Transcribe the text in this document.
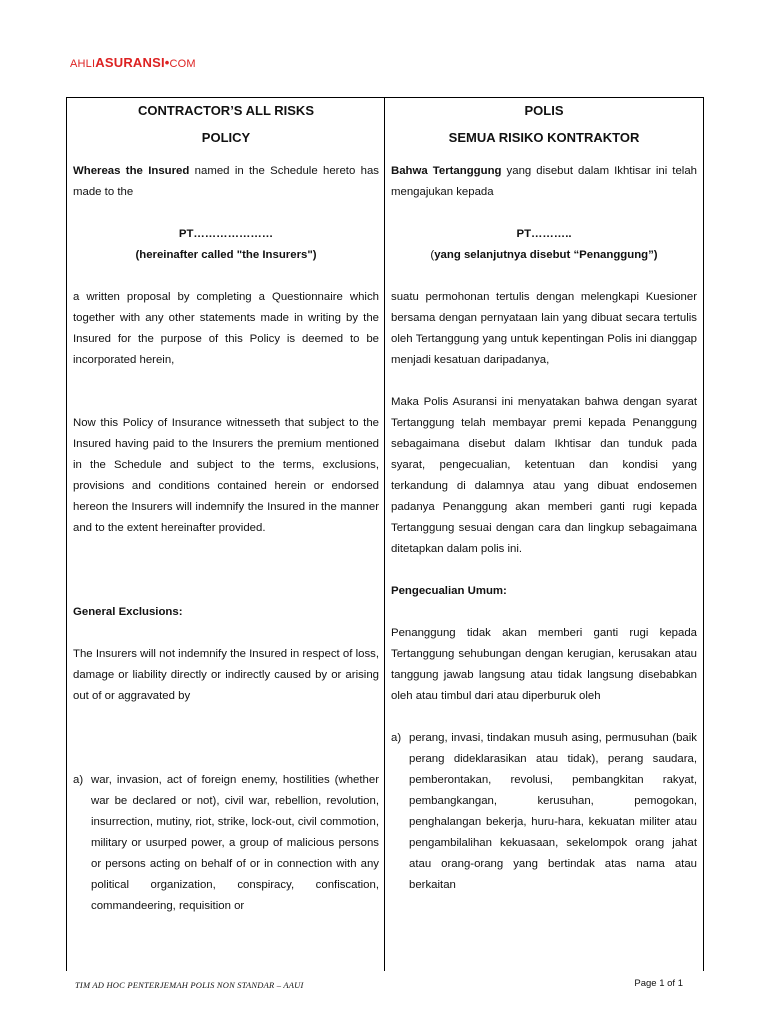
AHLIASURANSI•COM

CONTRACTOR’S ALL RISKS

POLICY

Whereas the Insured named in the Schedule hereto has made to the

PT…………………

(hereinafter called "the Insurers")

a written proposal by completing a Questionnaire which together with any other statements made in writing by the Insured for the purpose of this Policy is deemed to be incorporated herein,

Now this Policy of Insurance witnesseth that subject to the Insured having paid to the Insurers the premium mentioned in the Schedule and subject to the terms, exclusions, provisions and conditions contained herein or endorsed hereon the Insurers will indemnify the Insured in the manner and to the extent hereinafter provided.

General Exclusions:

The Insurers will not indemnify the Insured in respect of loss, damage or liability directly or indirectly caused by or arising out of or aggravated by

a) war, invasion, act of foreign enemy, hostilities (whether war be declared or not), civil war, rebellion, revolution, insurrection, mutiny, riot, strike, lock-out, civil commotion, military or usurped power, a group of malicious persons or persons acting on behalf of or in connection with any political organization, conspiracy, confiscation, commandeering, requisition or

POLIS

SEMUA RISIKO KONTRAKTOR

Bahwa Tertanggung yang disebut dalam Ikhtisar ini telah mengajukan kepada

PT………..

(yang selanjutnya disebut “Penanggung”)

suatu permohonan tertulis dengan melengkapi Kuesioner bersama dengan pernyataan lain yang dibuat secara tertulis oleh Tertanggung yang untuk kepentingan Polis ini dianggap menjadi kesatuan daripadanya,

Maka Polis Asuransi ini menyatakan bahwa dengan syarat Tertanggung telah membayar premi kepada Penanggung sebagaimana disebut dalam Ikhtisar dan tunduk pada syarat, pengecualian, ketentuan dan kondisi yang terkandung di dalamnya atau yang dibuat endosemen padanya Penanggung akan memberi ganti rugi kepada Tertanggung sesuai dengan cara dan lingkup sebagaimana ditetapkan dalam polis ini.

Pengecualian Umum:

Penanggung tidak akan memberi ganti rugi kepada Tertanggung sehubungan dengan kerugian, kerusakan atau tanggung jawab langsung atau tidak langsung disebabkan oleh atau timbul dari atau diperburuk oleh

a) perang, invasi, tindakan musuh asing, permusuhan (baik perang dideklarasikan atau tidak), perang saudara, pemberontakan, revolusi, pembangkitan rakyat, pembangkangan, kerusuhan, pemogokan, penghalangan bekerja, huru-hara, kekuatan militer atau pengambilalihan kekuasaan, sekelompok orang jahat atau orang-orang yang bertindak atas nama atau berkaitan
TIM AD HOC PENTERJEMAH POLIS NON STANDAR – AAUI	Page 1 of 1
